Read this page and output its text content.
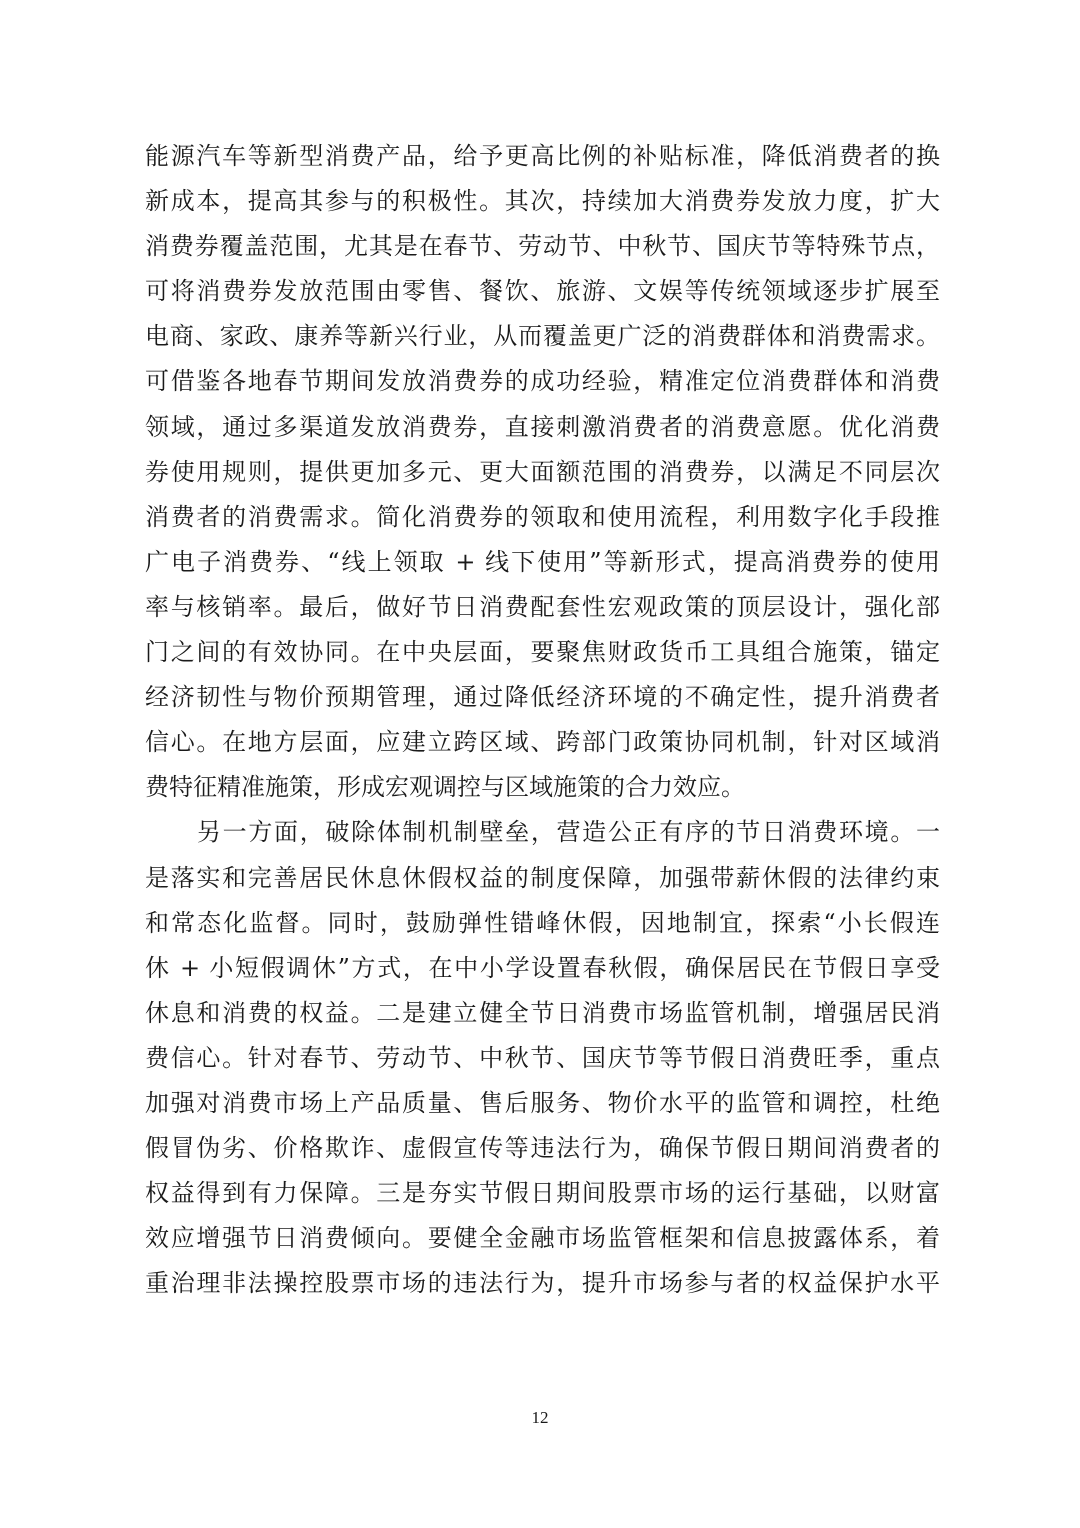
能源汽车等新型消费产品，给予更高比例的补贴标准，降低消费者的换
新成本，提高其参与的积极性。其次，持续加大消费券发放力度，扩大
消费券覆盖范围，尤其是在春节、劳动节、中秋节、国庆节等特殊节点，
可将消费券发放范围由零售、餐饮、旅游、文娱等传统领域逐步扩展至
电商、家政、康养等新兴行业，从而覆盖更广泛的消费群体和消费需求。
可借鉴各地春节期间发放消费券的成功经验，精准定位消费群体和消费
领域，通过多渠道发放消费券，直接刺激消费者的消费意愿。优化消费
券使用规则，提供更加多元、更大面额范围的消费券，以满足不同层次
消费者的消费需求。简化消费券的领取和使用流程，利用数字化手段推
广电子消费券、“线上领取 + 线下使用”等新形式，提高消费券的使用
率与核销率。最后，做好节日消费配套性宏观政策的顶层设计，强化部
门之间的有效协同。在中央层面，要聚焦财政货币工具组合施策，锚定
经济韧性与物价预期管理，通过降低经济环境的不确定性，提升消费者
信心。在地方层面，应建立跨区域、跨部门政策协同机制，针对区域消
费特征精准施策，形成宏观调控与区域施策的合力效应。
另一方面，破除体制机制壁垒，营造公正有序的节日消费环境。一
是落实和完善居民休息休假权益的制度保障，加强带薪休假的法律约束
和常态化监督。同时，鼓励弹性错峰休假，因地制宜，探索“小长假连
休 + 小短假调休”方式，在中小学设置春秋假，确保居民在节假日享受
休息和消费的权益。二是建立健全节日消费市场监管机制，增强居民消
费信心。针对春节、劳动节、中秋节、国庆节等节假日消费旺季，重点
加强对消费市场上产品质量、售后服务、物价水平的监管和调控，杜绝
假冒伪劣、价格欺诈、虚假宣传等违法行为，确保节假日期间消费者的
权益得到有力保障。三是夯实节假日期间股票市场的运行基础，以财富
效应增强节日消费倾向。要健全金融市场监管框架和信息披露体系，着
重治理非法操控股票市场的违法行为，提升市场参与者的权益保护水平
12
